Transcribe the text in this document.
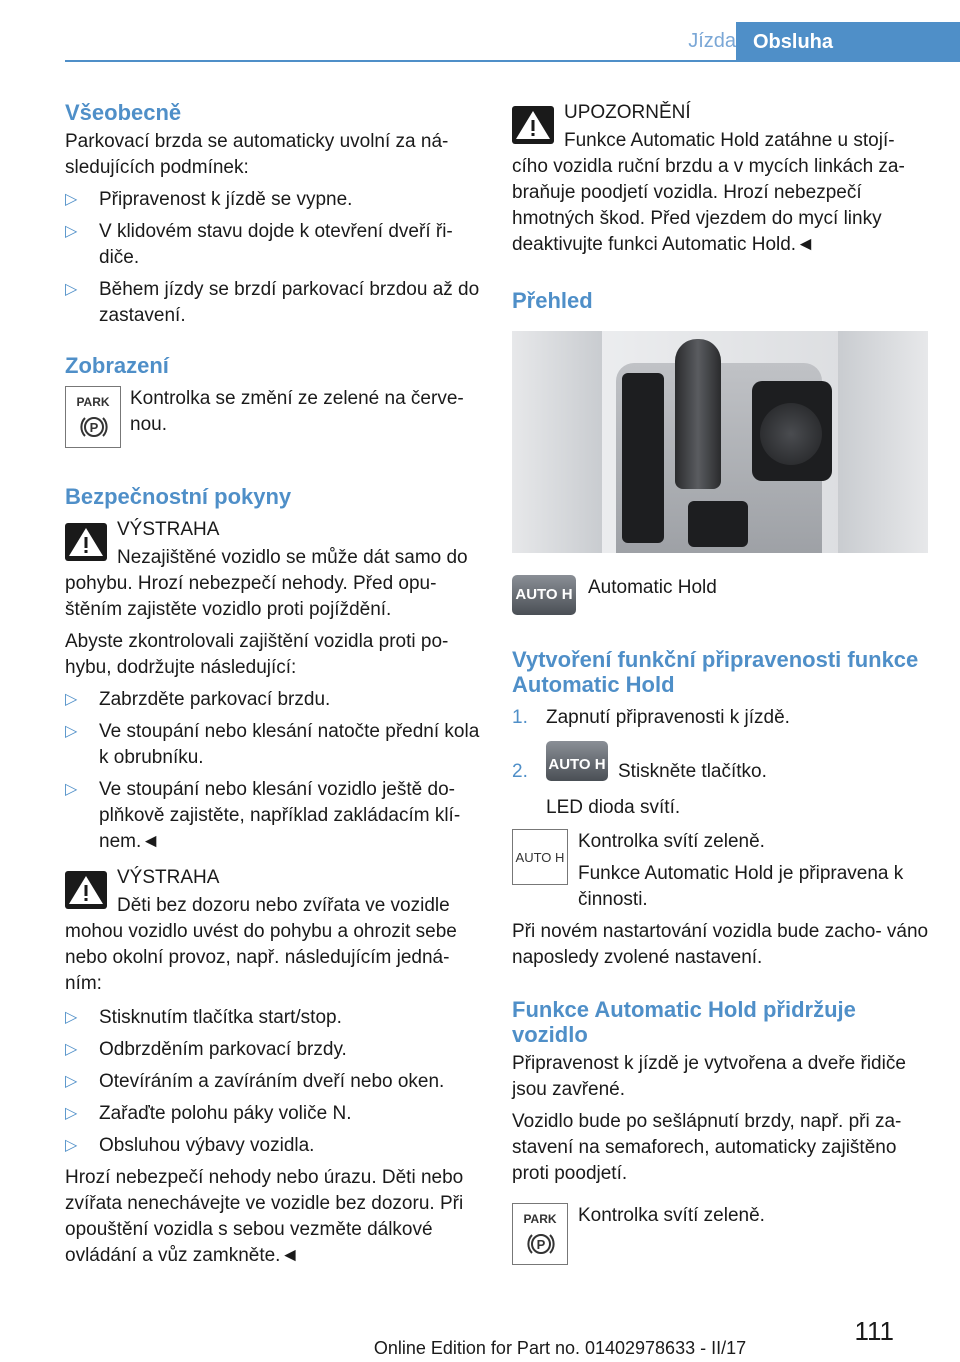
Jízda Obsluha
Všeobecně
Parkovací brzda se automaticky uvolní za ná‐ sledujících podmínek:
▷ Připravenost k jízdě se vypne.
▷ V klidovém stavu dojde k otevření dveří ři‐ diče.
▷ Během jízdy se brzdí parkovací brzdou až do zastavení.
Zobrazení
PARK
P
Kontrolka se změní ze zelené na červe‐ nou.
Bezpečnostní pokyny
VÝSTRAHA
Nezajištěné vozidlo se může dát samo do pohybu. Hrozí nebezpečí nehody. Před opu‐ štěním zajistěte vozidlo proti pojíždění.
Abyste zkontrolovali zajištění vozidla proti po‐ hybu, dodržujte následující:
▷ Zabrzděte parkovací brzdu.
▷ Ve stoupání nebo klesání natočte přední kola k obrubníku.
▷ Ve stoupání nebo klesání vozidlo ještě do‐ plňkově zajistěte, například zakládacím klí‐ nem.◄
VÝSTRAHA
Děti bez dozoru nebo zvířata ve vozidle mohou vozidlo uvést do pohybu a ohrozit sebe nebo okolní provoz, např. následujícím jedná‐ ním:
▷ Stisknutím tlačítka start/stop.
▷ Odbrzděním parkovací brzdy.
▷ Otevíráním a zavíráním dveří nebo oken.
▷ Zařaďte polohu páky voliče N.
▷ Obsluhou výbavy vozidla.
Hrozí nebezpečí nehody nebo úrazu. Děti nebo zvířata nenechávejte ve vozidle bez dozoru. Při opouštění vozidla s sebou vezměte dálkové ovládání a vůz zamkněte.◄
UPOZORNĚNÍ
Funkce Automatic Hold zatáhne u stojí‐ cího vozidla ruční brzdu a v mycích linkách za‐ braňuje poodjetí vozidla. Hrozí nebezpečí hmotných škod. Před vjezdem do mycí linky deaktivujte funkci Automatic Hold.◄
Přehled
AUTO H Automatic Hold
Vytvoření funkční připravenosti funkce Automatic Hold
1. Zapnutí připravenosti k jízdě.
2. AUTO H Stiskněte tlačítko.
LED dioda svítí.
AUTO H
Kontrolka svítí zeleně.
Funkce Automatic Hold je připravena k činnosti.
Při novém nastartování vozidla bude zacho‐ váno naposledy zvolené nastavení.
Funkce Automatic Hold přidržuje vozidlo
Připravenost k jízdě je vytvořena a dveře řidiče jsou zavřené.
Vozidlo bude po sešlápnutí brzdy, např. při za‐ stavení na semaforech, automaticky zajištěno proti poodjetí.
PARK
P
Kontrolka svítí zeleně.
111
Online Edition for Part no. 01402978633 - II/17
